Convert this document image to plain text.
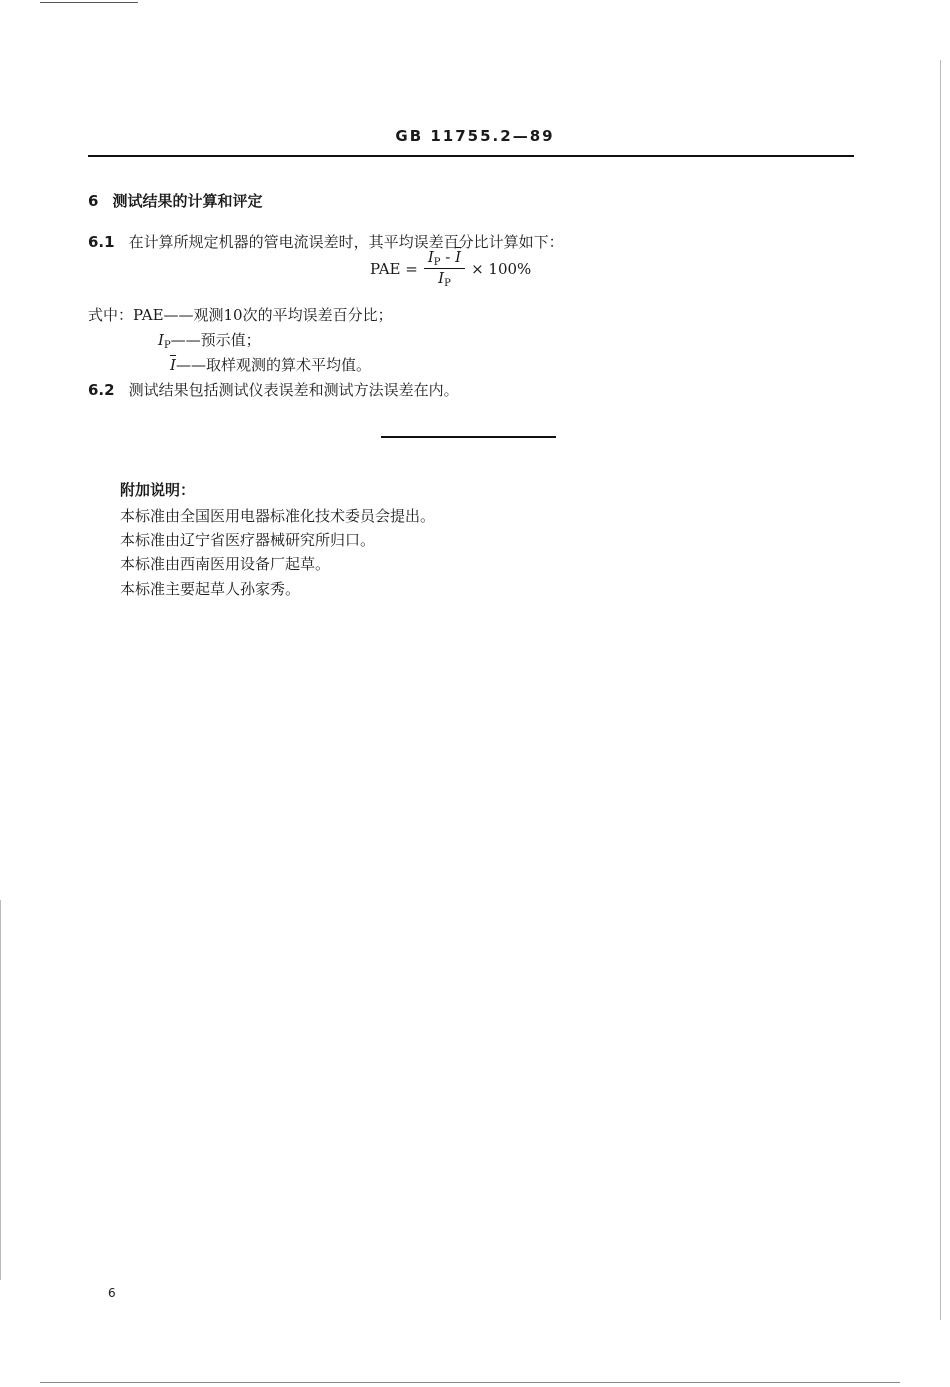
GB 11755.2—89
6 测试结果的计算和评定
6.1 在计算所规定机器的管电流误差时，其平均误差百分比计算如下：
PAE = $\frac{I_P - \overline{I}}{I_P} \times 100\%$
式中：PAE——观测10次的平均误差百分比；
$I_P——$预示值；
$\overline{I}——$取样观测的算术平均值。
6.2 测试结果包括测试仪表误差和测试方法误差在内。
附加说明：
本标准由全国医用电器标准化技术委员会提出。
本标准由辽宁省医疗器械研究所归口。
本标准由西南医用设备厂起草。
本标准主要起草人孙家秀。
6
